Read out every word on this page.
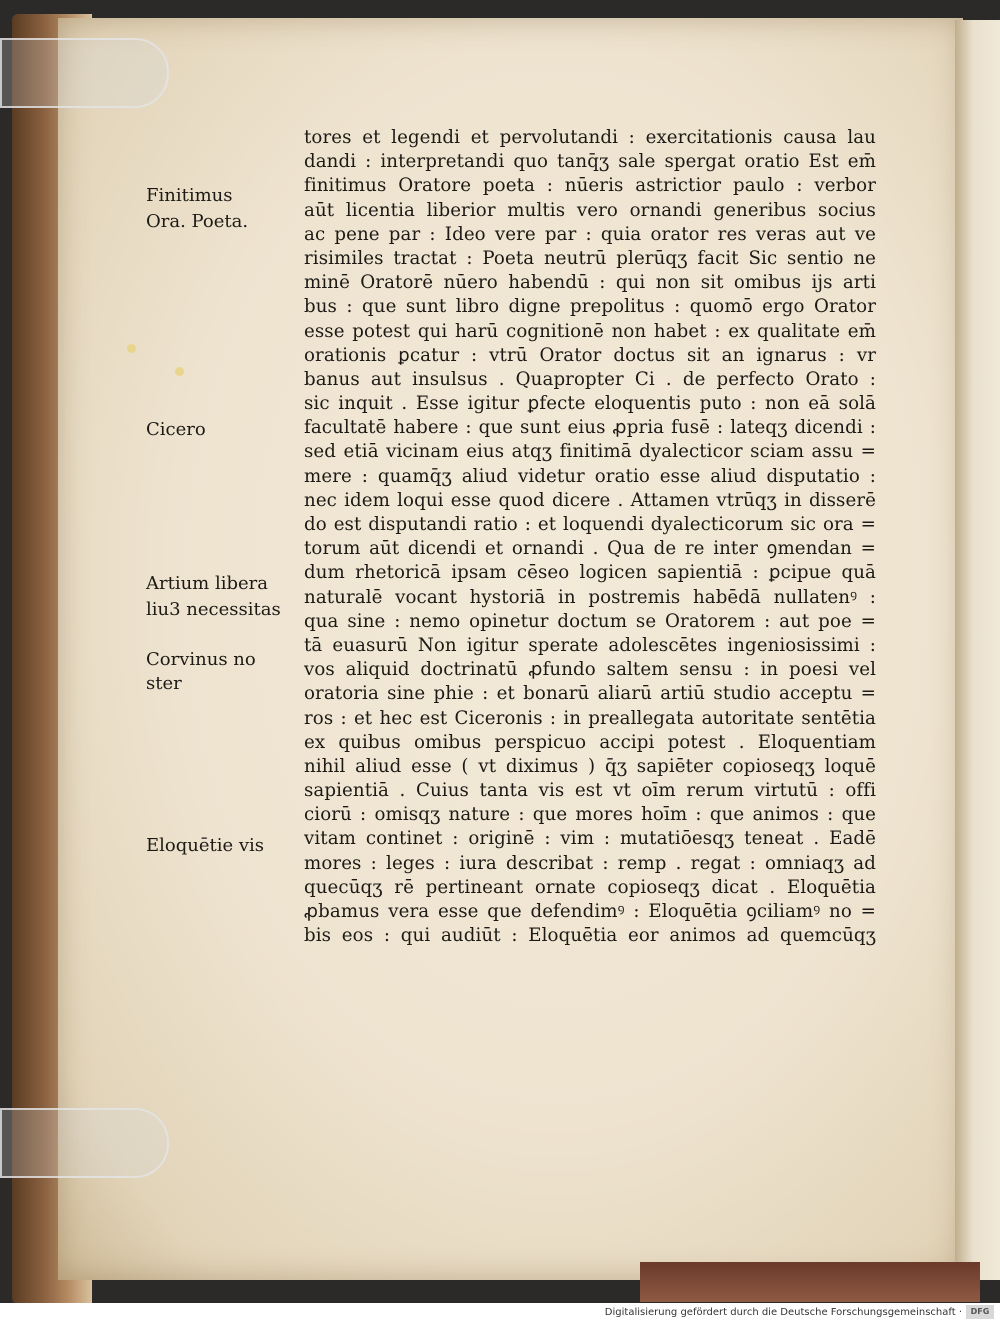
Finitimus
Ora. Poeta.
Cicero
Artium libera
liu3 necessitas
Corvinus no
ster
Eloquētie vis
tores et legendi et pervolutandi : exercitationis causa lau
dandi : interpretandi quo tanq̄ʒ sale spergat oratio Est em̄
finitimus Oratore poeta : nūeris astrictior paulo : verbor
aūt licentia liberior multis vero ornandi generibus socius
ac pene par : Ideo vere par : quia orator res veras aut ve
risimiles tractat : Poeta neutrū plerūqʒ facit Sic sentio ne
minē Oratorē nūero habendū : qui non sit omibus ijs arti
bus : que sunt libro digne prepolitus : quomō ergo Orator
esse potest qui harū cognitionē non habet : ex qualitate em̄
orationis ꝑcatur : vtrū Orator doctus sit an ignarus : vr
banus aut insulsus . Quapropter Ci . de perfecto Orato :
sic inquit . Esse igitur ꝑfecte eloquentis puto : non eā solā
facultatē habere : que sunt eius ꝓpria fusē : lateqʒ dicendi :
sed etiā vicinam eius atqʒ finitimā dyalecticor sciam assu =
mere : quamq̄ʒ aliud videtur oratio esse aliud disputatio :
nec idem loqui esse quod dicere . Attamen vtrūqʒ in disserē
do est disputandi ratio : et loquendi dyalecticorum sic ora =
torum aūt dicendi et ornandi . Qua de re inter ꝯmendan =
dum rhetoricā ipsam cēseo logicen sapientiā : ꝑcipue quā
naturalē vocant hystoriā in postremis habēdā nullatenꝰ :
qua sine : nemo opinetur doctum se Oratorem : aut poe =
tā euasurū Non igitur sperate adolescētes ingeniosissimi :
vos aliquid doctrinatū ꝓfundo saltem sensu : in poesi vel
oratoria sine phie : et bonarū aliarū artiū studio acceptu =
ros : et hec est Ciceronis : in preallegata autoritate sentētia
ex quibus omibus perspicuo accipi potest . Eloquentiam
nihil aliud esse ( vt diximus ) q̄ʒ sapiēter copioseqʒ loquē
sapientiā . Cuius tanta vis est vt oīm rerum virtutū : offi
ciorū : omisqʒ nature : que mores hoīm : que animos : que
vitam continet : originē : vim : mutatiōesqʒ teneat . Eadē
mores : leges : iura describat : remp . regat : omniaqʒ ad
quecūqʒ rē pertineant ornate copioseqʒ dicat . Eloquētia
ꝓbamus vera esse que defendimꝰ : Eloquētia ꝯciliamꝰ no =
bis eos : qui audiūt : Eloquētia eor animos ad quemcūqʒ
Digitalisierung gefördert durch die Deutsche Forschungsgemeinschaft ·	DFG
